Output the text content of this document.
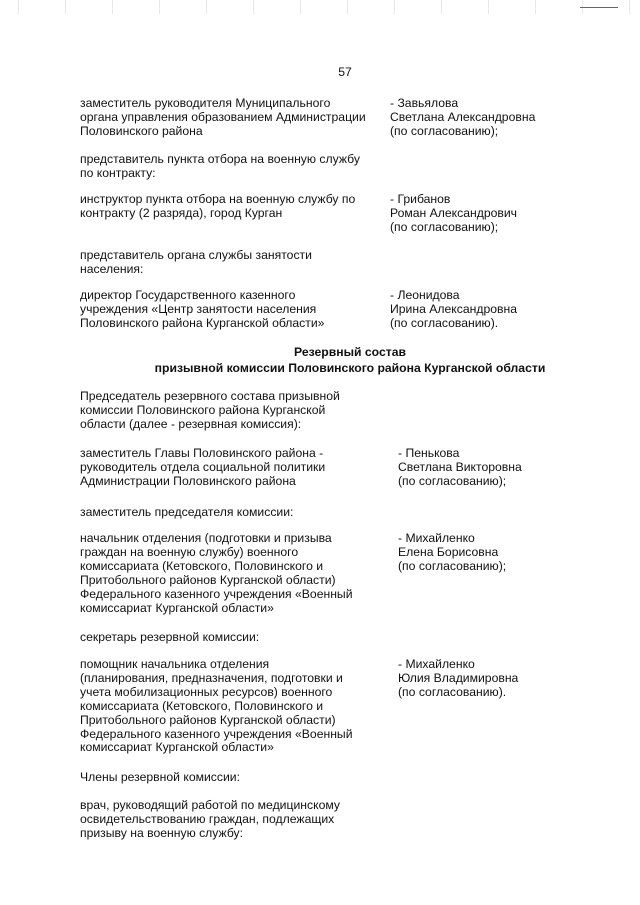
57
заместитель руководителя Муниципального
органа управления образованием Администрации
Половинского района
- Завьялова
Светлана Александровна
(по согласованию);
представитель пункта отбора на военную службу
по контракту:
инструктор пункта отбора на военную службу по
контракту (2 разряда), город Курган
- Грибанов
Роман Александрович
(по согласованию);
представитель органа службы занятости
населения:
директор Государственного казенного
учреждения «Центр занятости населения
Половинского района Курганской области»
- Леонидова
Ирина Александровна
(по согласованию).
Резервный состав
призывной комиссии Половинского района Курганской области
Председатель резервного состава призывной
комиссии Половинского района Курганской
области (далее - резервная комиссия):
заместитель Главы Половинского района -
руководитель отдела социальной политики
Администрации Половинского района
- Пенькова
Светлана Викторовна
(по согласованию);
заместитель председателя комиссии:
начальник отделения (подготовки и призыва
граждан на военную службу) военного
комиссариата (Кетовского, Половинского и
Притобольного районов Курганской области)
Федерального казенного учреждения «Военный
комиссариат Курганской области»
- Михайленко
Елена Борисовна
(по согласованию);
секретарь резервной комиссии:
помощник начальника отделения
(планирования, предназначения, подготовки и
учета мобилизационных ресурсов) военного
комиссариата (Кетовского, Половинского и
Притобольного районов Курганской области)
Федерального казенного учреждения «Военный
комиссариат Курганской области»
- Михайленко
Юлия Владимировна
(по согласованию).
Члены резервной комиссии:
врач, руководящий работой по медицинскому
освидетельствованию граждан, подлежащих
призыву на военную службу:
